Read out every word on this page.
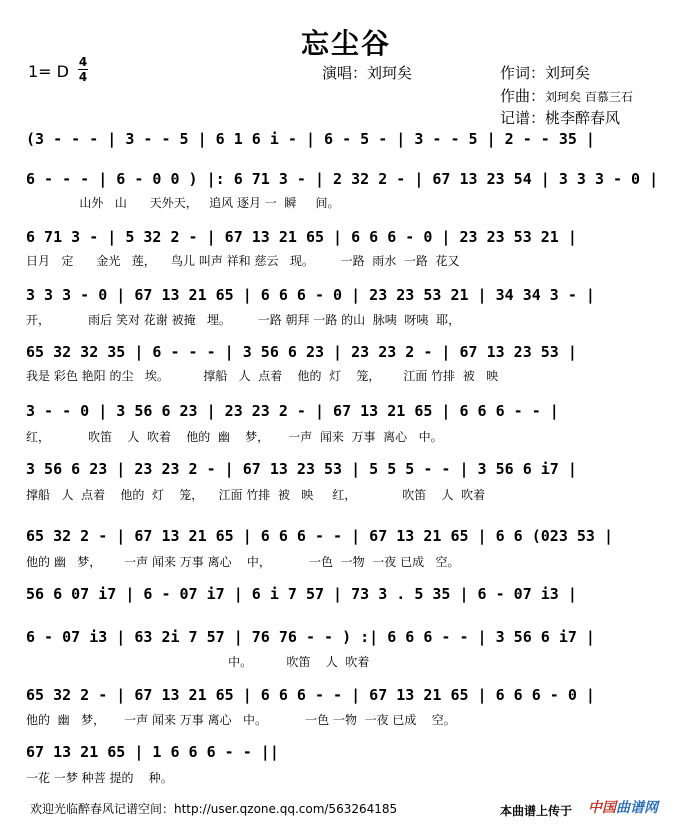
忘尘谷
1= D 4
4	演唱：刘珂矣	作词：刘珂矣
作曲：刘珂矣 百慕三石
记谱：桃李醉春风
(3 - - - | 3 - - 5 | 6 1 6 i - | 6 - 5 - | 3 - - 5 | 2 - - 35 |
6 - - - | 6 - 0 0 ) |: 6 71 3 - | 2 32 2 - | 67 13 23 54 | 3 3 3 - 0 |
山外   山      天外天，   追风 逐月 一  瞬     间。
6 71 3 - | 5 32 2 - | 67 13 21 65 | 6 6 6 - 0 | 23 23 53 21 |
日月   定      金光   莲，    鸟儿 叫声 祥和 慈云   现。       一路  雨水  一路  花又
3 3 3 - 0 | 67 13 21 65 | 6 6 6 - 0 | 23 23 53 21 | 34 34 3 - |
开，          雨后 笑对 花谢 被掩   埋。       一路 朝拜 一路 的山  脉咦  呀咦  耶，
65 32 32 35 | 6 - - - | 3 56 6 23 | 23 23 2 - | 67 13 23 53 |
我是 彩色 艳阳 的尘   埃。         撑船   人  点着    他的  灯    笼，      江面 竹排  被   映
3 - - 0 | 3 56 6 23 | 23 23 2 - | 67 13 21 65 | 6 6 6 - - |
红，          吹笛    人  吹着    他的  幽    梦，     一声  闻来  万事  离心   中。
3 56 6 23 | 23 23 2 - | 67 13 23 53 | 5 5 5 - - | 3 56 6 i7 |
撑船   人  点着    他的  灯    笼，    江面 竹排  被   映     红，            吹笛    人  吹着
65 32 2 - | 67 13 21 65 | 6 6 6 - - | 67 13 21 65 | 6 6 (023 53 |
他的 幽   梦，      一声 闻来 万事 离心    中，          一色  一物  一夜 已成   空。
56 6 07 i7 | 6 - 07 i7 | 6 i 7 57 | 73 3 . 5 35 | 6 - 07 i3 |
6 - 07 i3 | 63 2i 7 57 | 76 76 - - ) :| 6 6 6 - - | 3 56 6 i7 |
中。         吹笛    人  吹着
65 32 2 - | 67 13 21 65 | 6 6 6 - - | 67 13 21 65 | 6 6 6 - 0 |
他的  幽   梦，     一声 闻来 万事 离心   中。          一色 一物  一夜 已成    空。
67 13 21 65 | 1 6 6 6 - - ||
一花 一梦 种菩 提的    种。
欢迎光临醉春风记谱空间：http://user.qzone.qq.com/563264185	本曲谱上传于 中国曲谱网
